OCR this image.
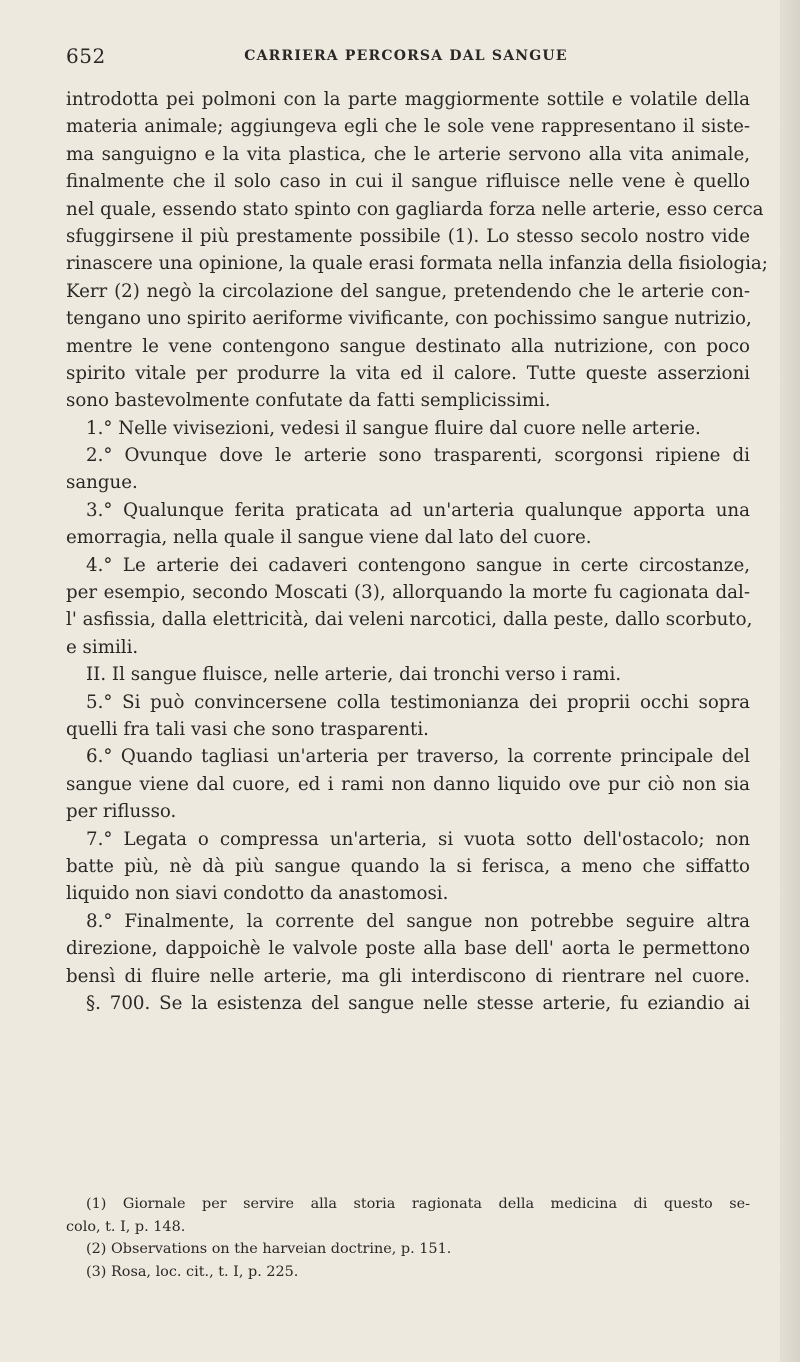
652	CARRIERA PERCORSA DAL SANGUE
introdotta pei polmoni con la parte maggiormente sottile e volatile della
materia animale; aggiungeva egli che le sole vene rappresentano il siste-
ma sanguigno e la vita plastica, che le arterie servono alla vita animale,
finalmente che il solo caso in cui il sangue rifluisce nelle vene è quello
nel quale, essendo stato spinto con gagliarda forza nelle arterie, esso cerca
sfuggirsene il più prestamente possibile (1). Lo stesso secolo nostro vide
rinascere una opinione, la quale erasi formata nella infanzia della fisiologia;
Kerr (2) negò la circolazione del sangue, pretendendo che le arterie con-
tengano uno spirito aeriforme vivificante, con pochissimo sangue nutrizio,
mentre le vene contengono sangue destinato alla nutrizione, con poco
spirito vitale per produrre la vita ed il calore. Tutte queste asserzioni
sono bastevolmente confutate da fatti semplicissimi.
1.° Nelle vivisezioni, vedesi il sangue fluire dal cuore nelle arterie.
2.° Ovunque dove le arterie sono trasparenti, scorgonsi ripiene di
sangue.
3.° Qualunque ferita praticata ad un'arteria qualunque apporta una
emorragia, nella quale il sangue viene dal lato del cuore.
4.° Le arterie dei cadaveri contengono sangue in certe circostanze,
per esempio, secondo Moscati (3), allorquando la morte fu cagionata dal-
l' asfissia, dalla elettricità, dai veleni narcotici, dalla peste, dallo scorbuto,
e simili.
II. Il sangue fluisce, nelle arterie, dai tronchi verso i rami.
5.° Si può convincersene colla testimonianza dei proprii occhi sopra
quelli fra tali vasi che sono trasparenti.
6.° Quando tagliasi un'arteria per traverso, la corrente principale del
sangue viene dal cuore, ed i rami non danno liquido ove pur ciò non sia
per riflusso.
7.° Legata o compressa un'arteria, si vuota sotto dell'ostacolo; non
batte più, nè dà più sangue quando la si ferisca, a meno che siffatto
liquido non siavi condotto da anastomosi.
8.° Finalmente, la corrente del sangue non potrebbe seguire altra
direzione, dappoichè le valvole poste alla base dell' aorta le permettono
bensì di fluire nelle arterie, ma gli interdiscono di rientrare nel cuore.
§. 700. Se la esistenza del sangue nelle stesse arterie, fu eziandio ai
(1) Giornale per servire alla storia ragionata della medicina di questo se-
colo, t. I, p. 148.
(2) Observations on the harveian doctrine, p. 151.
(3) Rosa, loc. cit., t. I, p. 225.
